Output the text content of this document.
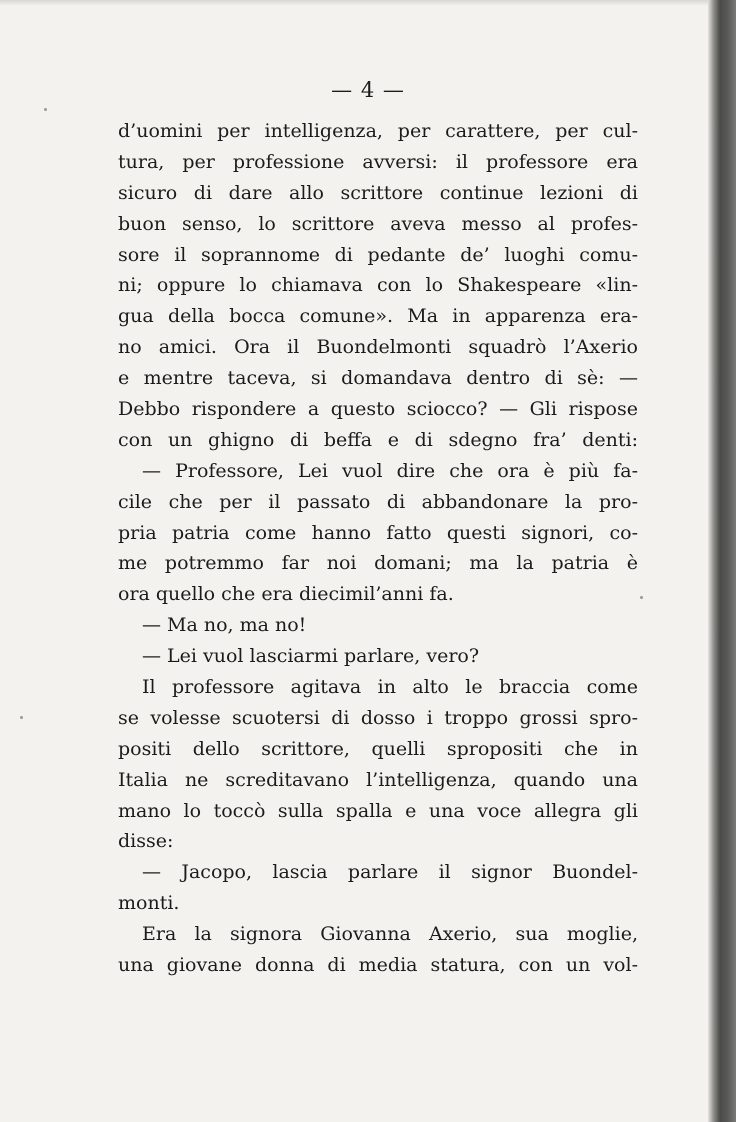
— 4 —
d’uomini per intelligenza, per carattere, per cul-
tura, per professione avversi: il professore era
sicuro di dare allo scrittore continue lezioni di
buon senso, lo scrittore aveva messo al profes-
sore il soprannome di pedante de’ luoghi comu-
ni; oppure lo chiamava con lo Shakespeare «lin-
gua della bocca comune». Ma in apparenza era-
no amici. Ora il Buondelmonti squadrò l’Axerio
e mentre taceva, si domandava dentro di sè: —
Debbo rispondere a questo sciocco? — Gli rispose
con un ghigno di beffa e di sdegno fra’ denti:
— Professore, Lei vuol dire che ora è più fa-
cile che per il passato di abbandonare la pro-
pria patria come hanno fatto questi signori, co-
me potremmo far noi domani; ma la patria è
ora quello che era diecimil’anni fa.
— Ma no, ma no!
— Lei vuol lasciarmi parlare, vero?
Il professore agitava in alto le braccia come
se volesse scuotersi di dosso i troppo grossi spro-
positi dello scrittore, quelli spropositi che in
Italia ne screditavano l’intelligenza, quando una
mano lo toccò sulla spalla e una voce allegra gli
disse:
— Jacopo, lascia parlare il signor Buondel-
monti.
Era la signora Giovanna Axerio, sua moglie,
una giovane donna di media statura, con un vol-
